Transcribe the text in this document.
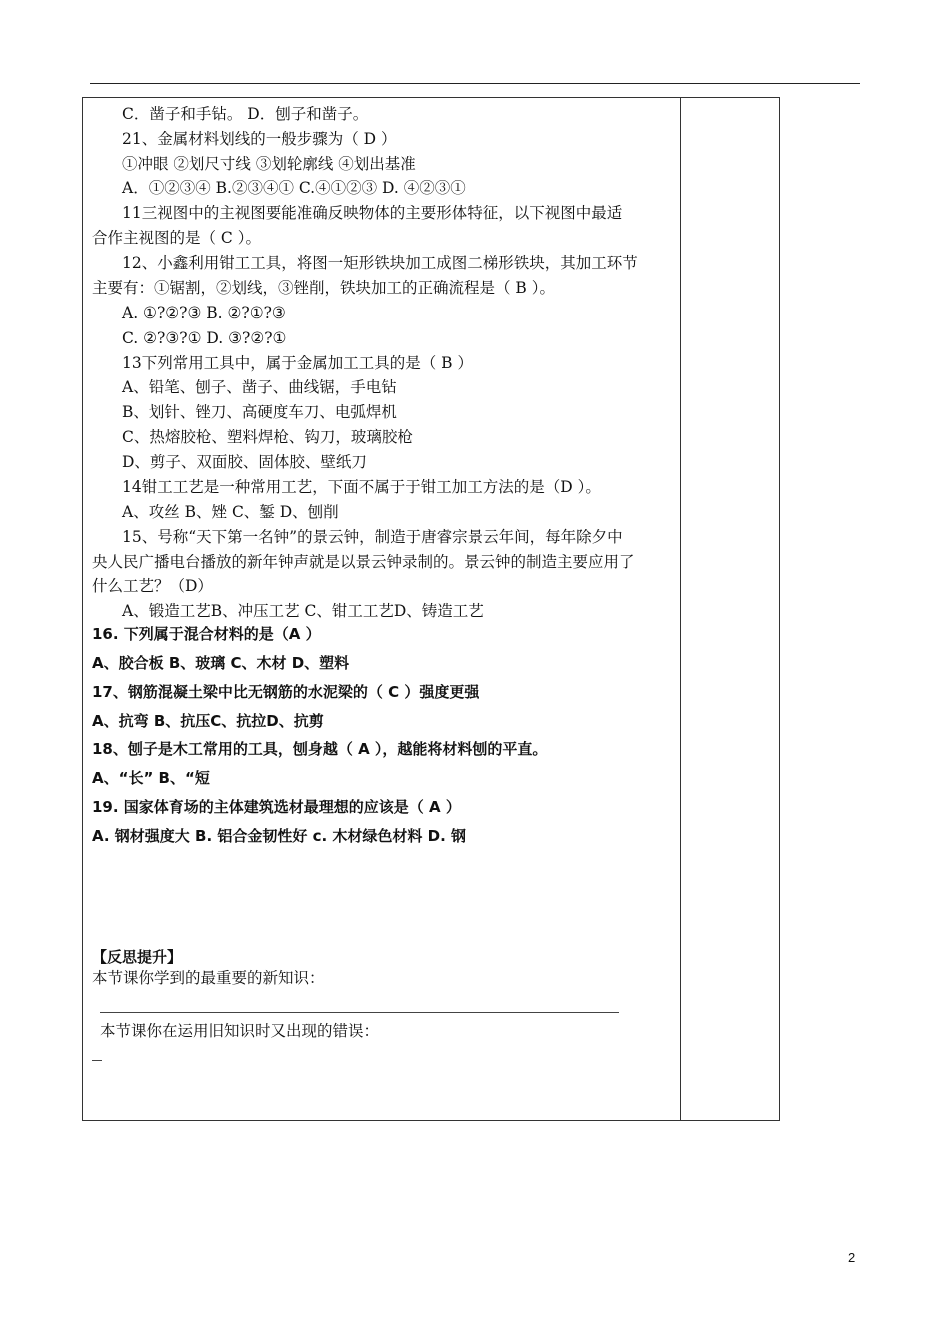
C．凿子和手钻。 D．刨子和凿子。
21、金属材料划线的一般步骤为（ D ）
①冲眼 ②划尺寸线 ③划轮廓线 ④划出基准
A．①②③④ B.②③④① C.④①②③ D. ④②③①
11三视图中的主视图要能准确反映物体的主要形体特征，以下视图中最适
合作主视图的是（ C ）。
12、小鑫利用钳工工具，将图一矩形铁块加工成图二梯形铁块，其加工环节
主要有：①锯割，②划线，③锉削，铁块加工的正确流程是（ B ）。
A. ①?②?③ B. ②?①?③
C. ②?③?① D. ③?②?①
13下列常用工具中，属于金属加工工具的是（ B ）
A、铅笔、刨子、凿子、曲线锯，手电钻
B、划针、锉刀、高硬度车刀、电弧焊机
C、热熔胶枪、塑料焊枪、钩刀，玻璃胶枪
D、剪子、双面胶、固体胶、壁纸刀
14钳工工艺是一种常用工艺，下面不属于于钳工加工方法的是（D ）。
A、攻丝 B、矬 C、錾 D、刨削
15、号称“天下第一名钟”的景云钟，制造于唐睿宗景云年间，每年除夕中
央人民广播电台播放的新年钟声就是以景云钟录制的。景云钟的制造主要应用了
什么工艺？（D）
A、锻造工艺B、冲压工艺 C、钳工工艺D、铸造工艺
16. 下列属于混合材料的是（A ）
A、胶合板 B、玻璃 C、木材 D、塑料
17、钢筋混凝土梁中比无钢筋的水泥梁的（ C ）强度更强
A、抗弯 B、抗压C、抗拉D、抗剪
18、刨子是木工常用的工具，刨身越（ A ），越能将材料刨的平直。
A、“长” B、“短
19. 国家体育场的主体建筑选材最理想的应该是（ A ）
A. 钢材强度大 B. 铝合金韧性好 c. 木材绿色材料 D. 钢
【反思提升】
本节课你学到的最重要的新知识：
本节课你在运用旧知识时又出现的错误：
2
